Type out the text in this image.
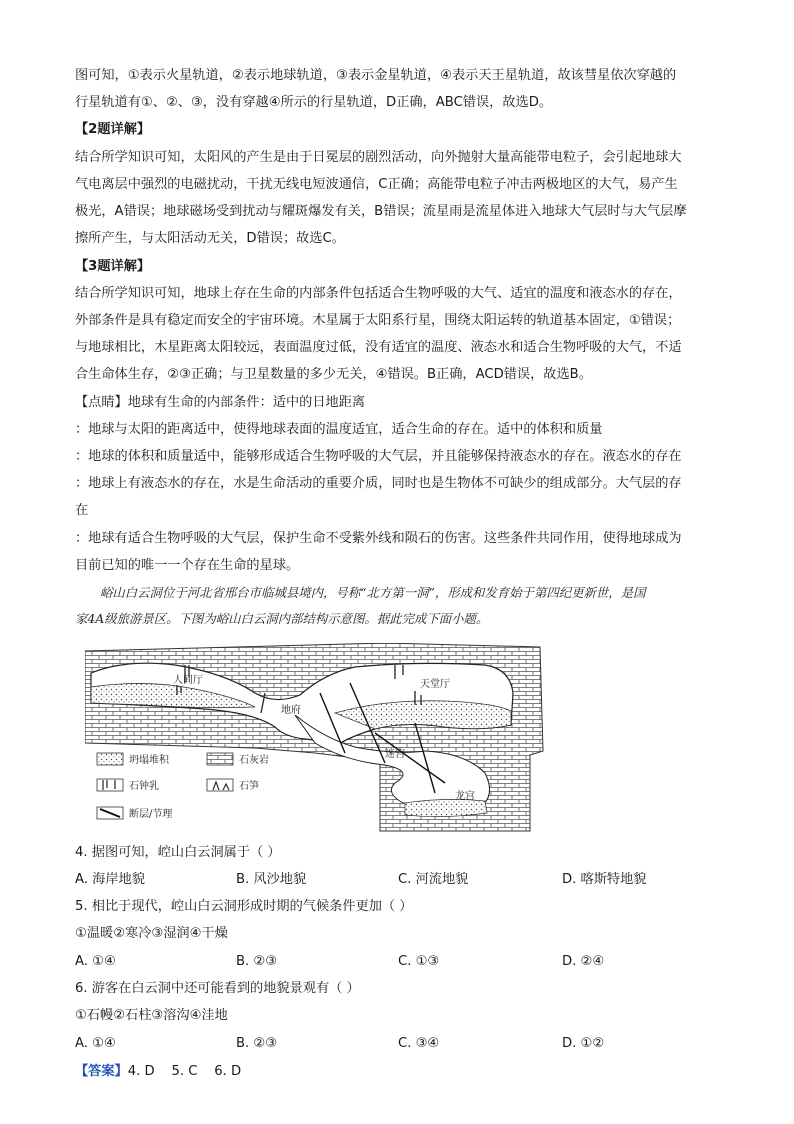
图可知，①表示火星轨道，②表示地球轨道，③表示金星轨道，④表示天王星轨道，故该彗星依次穿越的
行星轨道有①、②、③，没有穿越④所示的行星轨道，D正确，ABC错误，故选D。
【2题详解】
结合所学知识可知，太阳风的产生是由于日冕层的剧烈活动，向外抛射大量高能带电粒子，会引起地球大
气电离层中强烈的电磁扰动，干扰无线电短波通信，C正确；高能带电粒子冲击两极地区的大气，易产生
极光，A错误；地球磁场受到扰动与耀斑爆发有关，B错误；流星雨是流星体进入地球大气层时与大气层摩
擦所产生，与太阳活动无关，D错误；故选C。
【3题详解】
结合所学知识可知，地球上存在生命的内部条件包括适合生物呼吸的大气、适宜的温度和液态水的存在，
外部条件是具有稳定而安全的宇宙环境。木星属于太阳系行星，围绕太阳运转的轨道基本固定，①错误；
与地球相比，木星距离太阳较远，表面温度过低，没有适宜的温度、液态水和适合生物呼吸的大气，不适
合生命体生存，②③正确；与卫星数量的多少无关，④错误。B正确，ACD错误，故选B。
【点睛】地球有生命的内部条件：适中的日地距离
：地球与太阳的距离适中，使得地球表面的温度适宜，适合生命的存在。适中的体积和质量
：地球的体积和质量适中，能够形成适合生物呼吸的大气层，并且能够保持液态水的存在。液态水的存在
：地球上有液态水的存在，水是生命活动的重要介质，同时也是生物体不可缺少的组成部分。大气层的存
在
：地球有适合生物呼吸的大气层，保护生命不受紫外线和陨石的伤害。这些条件共同作用，使得地球成为
目前已知的唯一一个存在生命的星球。
峪山白云洞位于河北省邢台市临城县境内，号称“北方第一洞”，形成和发育始于第四纪更新世，是国
家4A级旅游景区。下图为峪山白云洞内部结构示意图。据此完成下面小题。
人间厅	天堂厅
地府
迷宫
龙宫
坍塌堆积	石灰岩
石钟乳	石笋
断层/节理
4. 据图可知，崆山白云洞属于（ ）
A. 海岸地貌	B. 风沙地貌	C. 河流地貌	D. 喀斯特地貌
5. 相比于现代，崆山白云洞形成时期的气候条件更加（ ）
①温暖②寒冷③湿润④干燥
A. ①④	B. ②③	C. ①③	D. ②④
6. 游客在白云洞中还可能看到的地貌景观有（ ）
①石幔②石柱③溶沟④洼地
A. ①④	B. ②③	C. ③④	D. ①②
【答案】4. D    5. C    6. D
